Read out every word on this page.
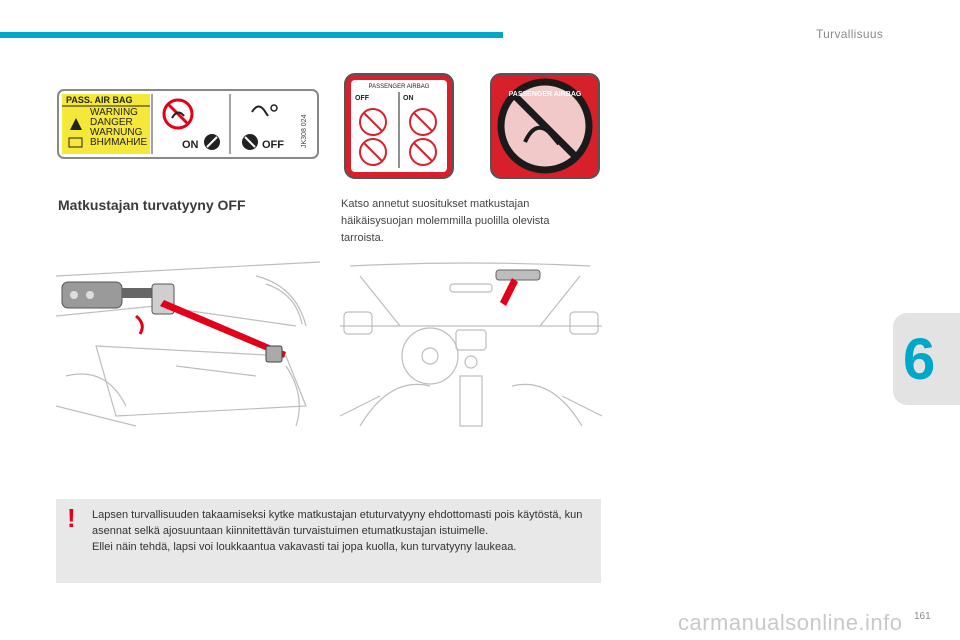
Turvallisuus
6
PASS. AIR BAG
WARNING
DANGER
WARNUNG
ВНИМАНИЕ	ON	OFF JK308 024
PASSENGER AIRBAG
OFF	ON
PASSENGER AIRBAG
Matkustajan turvatyyny OFF	Katso annetut suositukset matkustajan häikäisysuojan molemmilla puolilla olevista tarroista.
! Lapsen turvallisuuden takaamiseksi kytke matkustajan etuturvatyyny ehdottomasti pois käytöstä, kun asennat selkä ajosuuntaan kiinnitettävän turvaistuimen etumatkustajan istuimelle.

Ellei näin tehdä, lapsi voi loukkaantua vakavasti tai jopa kuolla, kun turvatyyny laukeaa.

carmanualsonline.info 161
